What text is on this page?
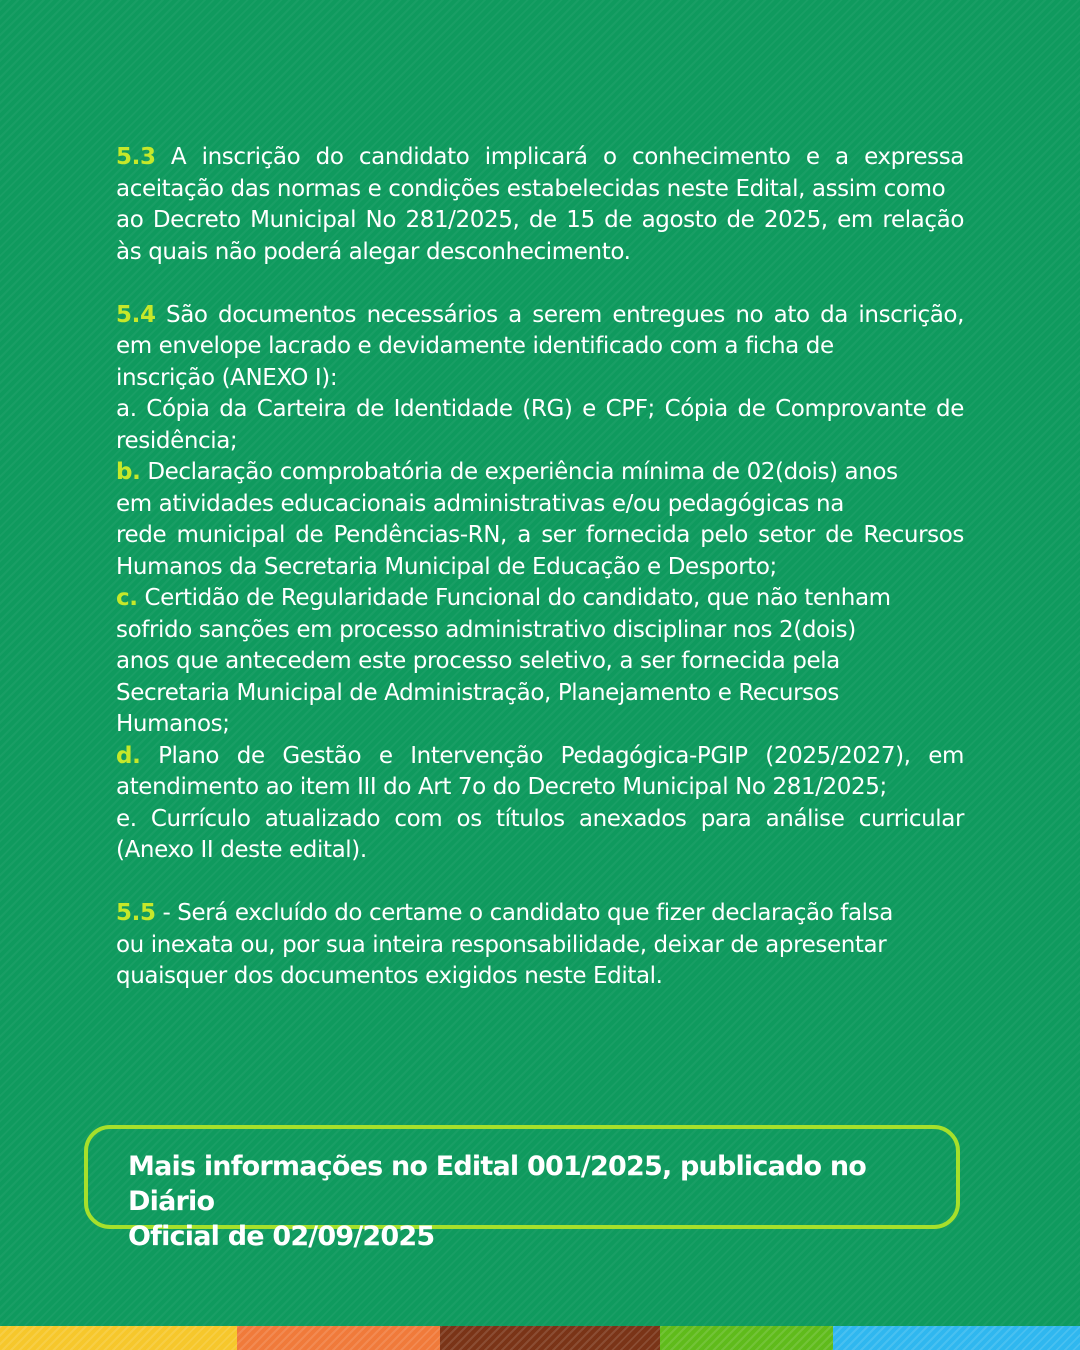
5.3 A inscrição do candidato implicará o conhecimento e a expressa aceitação das normas e condições estabelecidas neste Edital, assim como
ao Decreto Municipal No 281/2025, de 15 de agosto de 2025, em relação às quais não poderá alegar desconhecimento.
5.4 São documentos necessários a serem entregues no ato da inscrição, em envelope lacrado e devidamente identificado com a ficha de
inscrição (ANEXO I):
a. Cópia da Carteira de Identidade (RG) e CPF; Cópia de Comprovante de residência;
b. Declaração comprobatória de experiência mínima de 02(dois) anos
em atividades educacionais administrativas e/ou pedagógicas na
rede municipal de Pendências-RN, a ser fornecida pelo setor de Recursos Humanos da Secretaria Municipal de Educação e Desporto;
c. Certidão de Regularidade Funcional do candidato, que não tenham
sofrido sanções em processo administrativo disciplinar nos 2(dois)
anos que antecedem este processo seletivo, a ser fornecida pela
Secretaria Municipal de Administração, Planejamento e Recursos
Humanos;
d. Plano de Gestão e Intervenção Pedagógica-PGIP (2025/2027), em atendimento ao item III do Art 7o do Decreto Municipal No 281/2025;
e. Currículo atualizado com os títulos anexados para análise curricular (Anexo II deste edital).
5.5 - Será excluído do certame o candidato que fizer declaração falsa
ou inexata ou, por sua inteira responsabilidade, deixar de apresentar
quaisquer dos documentos exigidos neste Edital.
Mais informações no Edital 001/2025, publicado no Diário
Oficial de 02/09/2025
